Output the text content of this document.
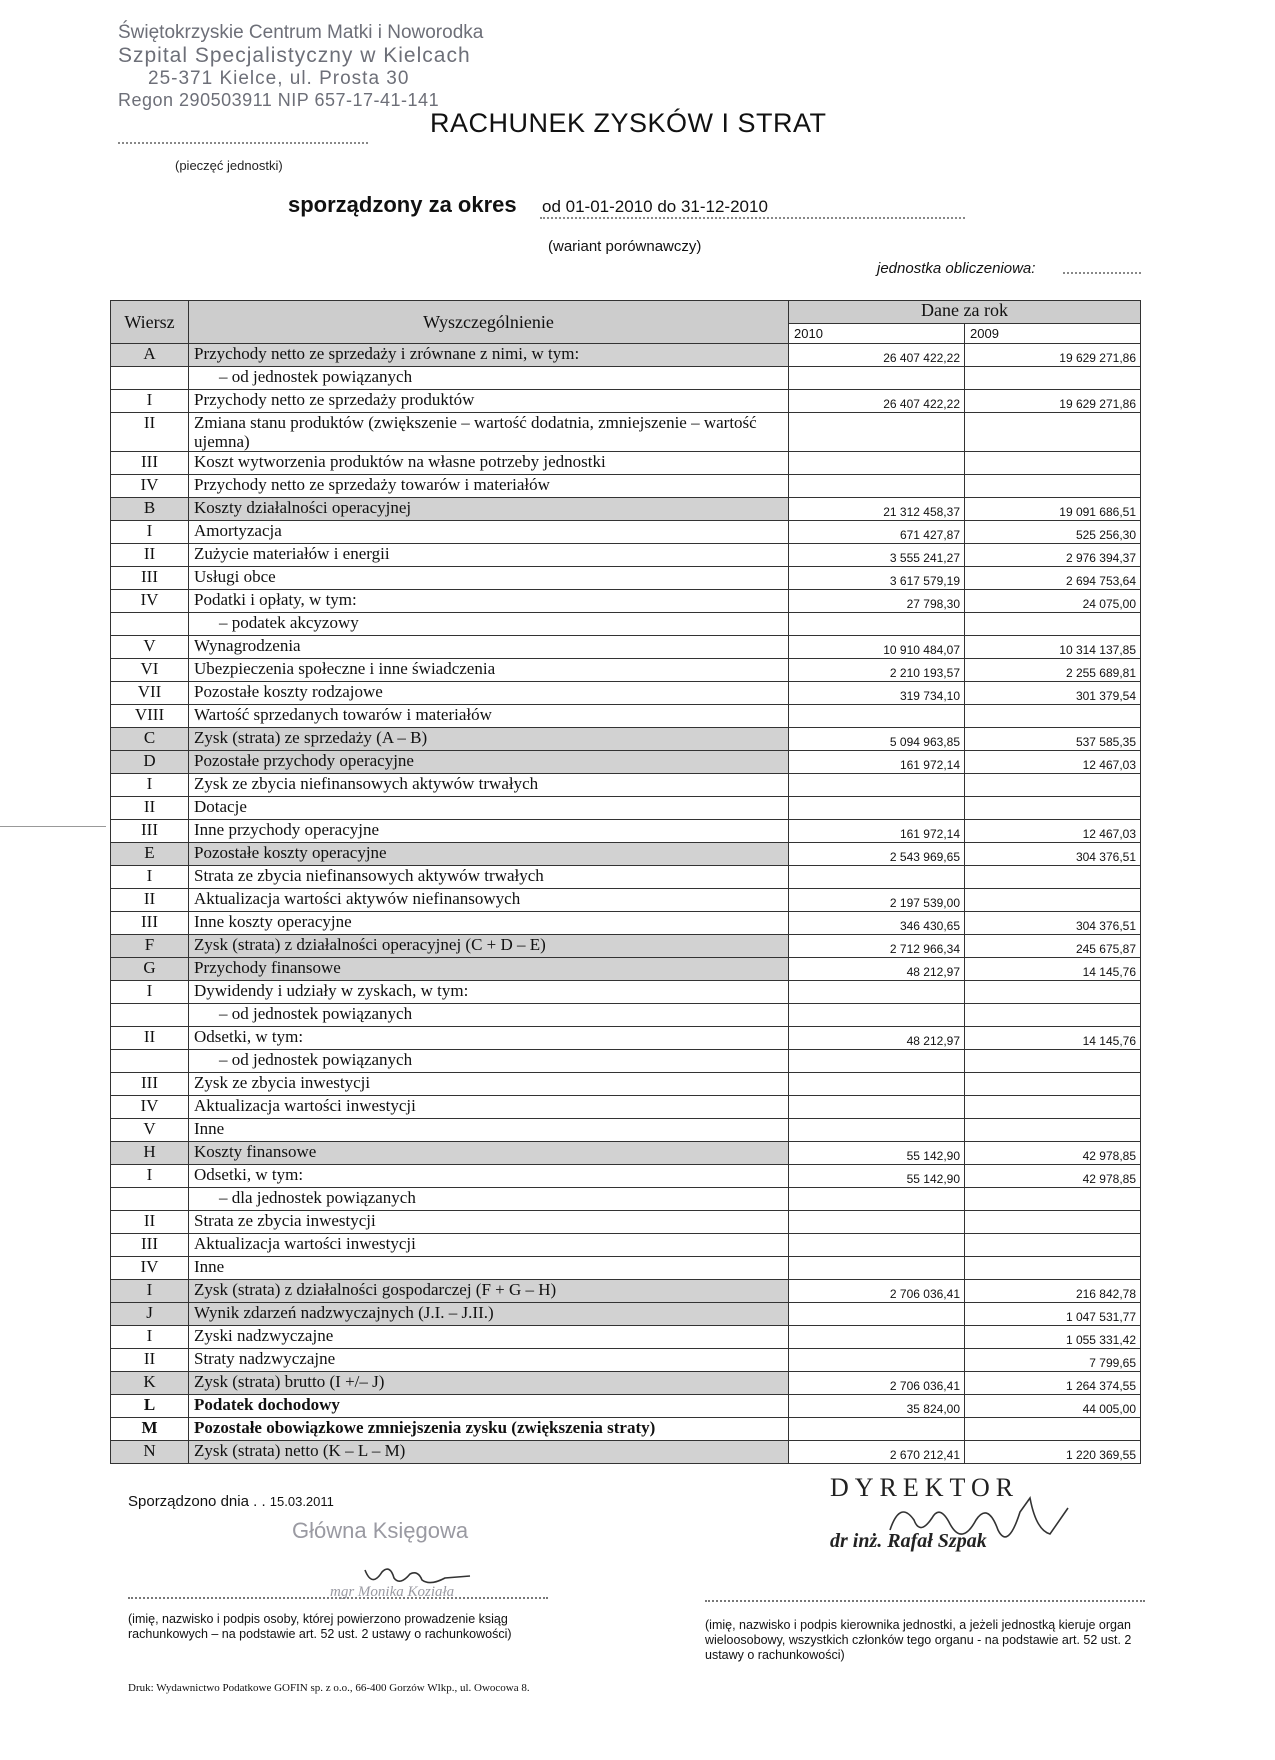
Świętokrzyskie Centrum Matki i Noworodka
Szpital Specjalistyczny w Kielcach
25-371 Kielce, ul. Prosta 30
Regon 290503911 NIP 657-17-41-141
(pieczęć jednostki)
RACHUNEK ZYSKÓW I STRAT
sporządzony za okres od 01-01-2010 do 31-12-2010
(wariant porównawczy)
jednostka obliczeniowa:
Wiersz	Wyszczególnienie	Dane za rok	
		2010	2009
A	Przychody netto ze sprzedaży i zrównane z nimi, w tym:	26 407 422,22	19 629 271,86
	– od jednostek powiązanych		
I	Przychody netto ze sprzedaży produktów	26 407 422,22	19 629 271,86
II	Zmiana stanu produktów (zwiększenie – wartość dodatnia, zmniejszenie – wartość ujemna)		
III	Koszt wytworzenia produktów na własne potrzeby jednostki		
IV	Przychody netto ze sprzedaży towarów i materiałów		
B	Koszty działalności operacyjnej	21 312 458,37	19 091 686,51
I	Amortyzacja	671 427,87	525 256,30
II	Zużycie materiałów i energii	3 555 241,27	2 976 394,37
III	Usługi obce	3 617 579,19	2 694 753,64
IV	Podatki i opłaty, w tym:	27 798,30	24 075,00
	– podatek akcyzowy		
V	Wynagrodzenia	10 910 484,07	10 314 137,85
VI	Ubezpieczenia społeczne i inne świadczenia	2 210 193,57	2 255 689,81
VII	Pozostałe koszty rodzajowe	319 734,10	301 379,54
VIII	Wartość sprzedanych towarów i materiałów		
C	Zysk (strata) ze sprzedaży (A – B)	5 094 963,85	537 585,35
D	Pozostałe przychody operacyjne	161 972,14	12 467,03
I	Zysk ze zbycia niefinansowych aktywów trwałych		
II	Dotacje		
III	Inne przychody operacyjne	161 972,14	12 467,03
E	Pozostałe koszty operacyjne	2 543 969,65	304 376,51
I	Strata ze zbycia niefinansowych aktywów trwałych		
II	Aktualizacja wartości aktywów niefinansowych	2 197 539,00	
III	Inne koszty operacyjne	346 430,65	304 376,51
F	Zysk (strata) z działalności operacyjnej (C + D – E)	2 712 966,34	245 675,87
G	Przychody finansowe	48 212,97	14 145,76
I	Dywidendy i udziały w zyskach, w tym:		
	– od jednostek powiązanych		
II	Odsetki, w tym:	48 212,97	14 145,76
	– od jednostek powiązanych		
III	Zysk ze zbycia inwestycji		
IV	Aktualizacja wartości inwestycji		
V	Inne		
H	Koszty finansowe	55 142,90	42 978,85
I	Odsetki, w tym:	55 142,90	42 978,85
	– dla jednostek powiązanych		
II	Strata ze zbycia inwestycji		
III	Aktualizacja wartości inwestycji		
IV	Inne		
I	Zysk (strata) z działalności gospodarczej (F + G – H)	2 706 036,41	216 842,78
J	Wynik zdarzeń nadzwyczajnych (J.I. – J.II.)		1 047 531,77
I	Zyski nadzwyczajne		1 055 331,42
II	Straty nadzwyczajne		7 799,65
K	Zysk (strata) brutto (I +/– J)	2 706 036,41	1 264 374,55
L	Podatek dochodowy	35 824,00	44 005,00
M	Pozostałe obowiązkowe zmniejszenia zysku (zwiększenia straty)		
N	Zysk (strata) netto (K – L – M)	2 670 212,41	1 220 369,55
Sporządzono dnia . . 15.03.2011
Główna Księgowa
mgr Monika Koziała
(imię, nazwisko i podpis osoby, której powierzono prowadzenie ksiąg rachunkowych – na podstawie art. 52 ust. 2 ustawy o rachunkowości)
DYREKTOR
dr inż. Rafał Szpak
(imię, nazwisko i podpis kierownika jednostki, a jeżeli jednostką kieruje organ wieloosobowy, wszystkich członków tego organu - na podstawie art. 52 ust. 2 ustawy o rachunkowości)
Druk: Wydawnictwo Podatkowe GOFIN sp. z o.o., 66-400 Gorzów Wlkp., ul. Owocowa 8.
